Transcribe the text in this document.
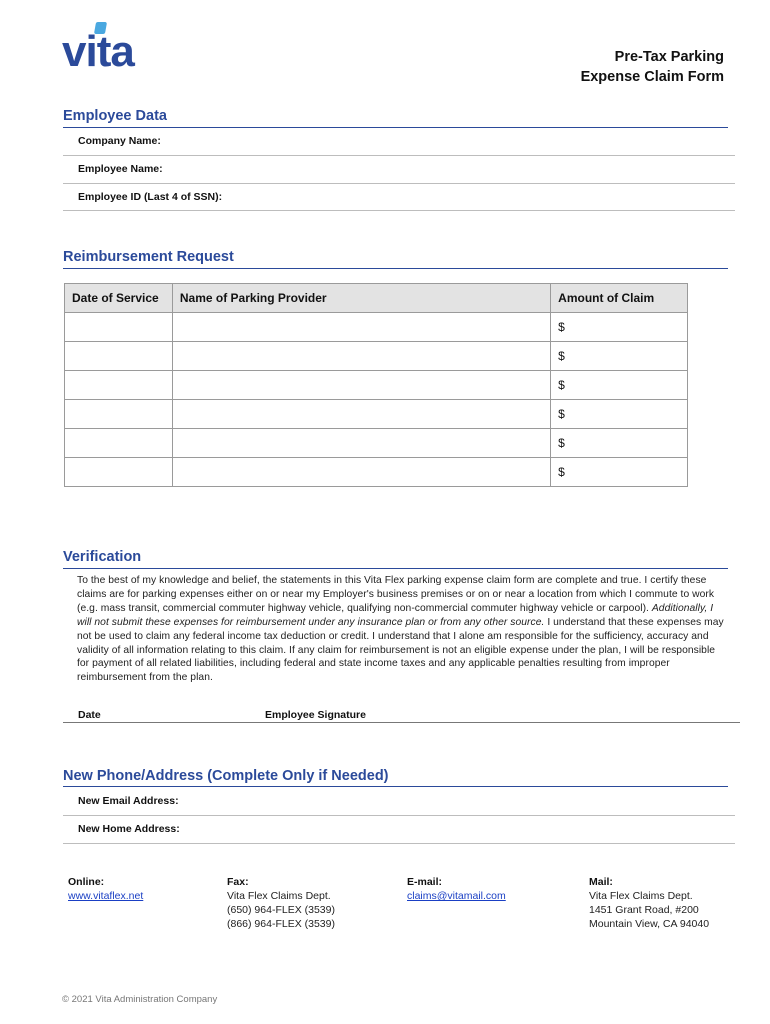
vita	Pre-Tax Parking
Expense Claim Form
Employee Data
Company Name:
Employee Name:
Employee ID (Last 4 of SSN):
Reimbursement Request
Date of Service	Name of Parking Provider	Amount of Claim
		$
		$
		$
		$
		$
		$
Verification
To the best of my knowledge and belief, the statements in this Vita Flex parking expense claim form are complete and true. I certify these claims are for parking expenses either on or near my Employer's business premises or on or near a location from which I commute to work (e.g. mass transit, commercial commuter highway vehicle, qualifying non-commercial commuter highway vehicle or carpool). Additionally, I will not submit these expenses for reimbursement under any insurance plan or from any other source. I understand that these expenses may not be used to claim any federal income tax deduction or credit. I understand that I alone am responsible for the sufficiency, accuracy and validity of all information relating to this claim. If any claim for reimbursement is not an eligible expense under the plan, I will be responsible for payment of all related liabilities, including federal and state income taxes and any applicable penalties resulting from improper reimbursement from the plan.
Date	Employee Signature
New Phone/Address (Complete Only if Needed)
New Email Address:
New Home Address:
Online:
www.vitaflex.net
Fax:
Vita Flex Claims Dept.
(650) 964-FLEX (3539)
(866) 964-FLEX (3539)
E-mail:
claims@vitamail.com
Mail:
Vita Flex Claims Dept.
1451 Grant Road, #200
Mountain View, CA 94040
© 2021 Vita Administration Company
